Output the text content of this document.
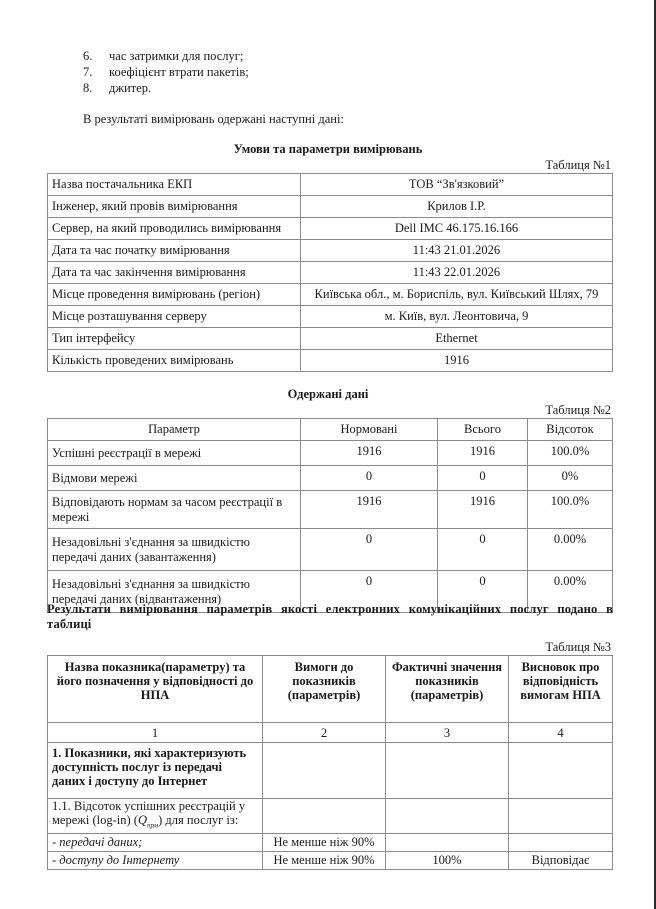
6.	час затримки для послуг;
7.	коефіцієнт втрати пакетів;
8.	джитер.
В результаті вимірювань одержані наступні дані:
Умови та параметри вимірювань
Таблиця №1
Назва постачальника ЕКП	ТОВ “Зв'язковий”
Інженер, який провів вимірювання	Крилов І.Р.
Сервер, на який проводились вимірювання	Dell IMC 46.175.16.166
Дата та час початку вимірювання	11:43 21.01.2026
Дата та час закінчення вимірювання	11:43 22.01.2026
Місце проведення вимірювань (регіон)	Київська обл., м. Бориспіль, вул. Київський Шлях, 79
Місце розташування серверу	м. Київ, вул. Леонтовича, 9
Тип інтерфейсу	Ethernet
Кількість проведених вимірювань	1916
Одержані дані
Таблиця №2
Параметр	Нормовані	Всього	Відсоток
Успішні реєстрації в мережі	1916	1916	100.0%
Відмови мережі	0	0	0%
Відповідають нормам за часом реєстрації в мережі	1916	1916	100.0%
Незадовільні з'єднання за швидкістю передачі даних (завантаження)	0	0	0.00%
Незадовільні з'єднання за швидкістю передачі даних (відвантаження)	0	0	0.00%
Результати вимірювання параметрів якості електронних комунікаційних послуг подано в таблиці
Таблиця №3
Назва показника(параметру) та його позначення у відповідності до НПА	Вимоги до показників (параметрів)	Фактичні значення показників (параметрів)	Висновок про відповідність вимогам НПА
1	2	3	4
1. Показники, які характеризують доступність послуг із передачі даних і доступу до Інтернет			
1.1. Відсоток успішних реєстрацій у мережі (log-in) $(Q_{прм})$ для послуг із:			
- передачі даних;	Не менше ніж 90%		
- доступу до Інтернету	Не менше ніж 90%	100%	Відповідає
